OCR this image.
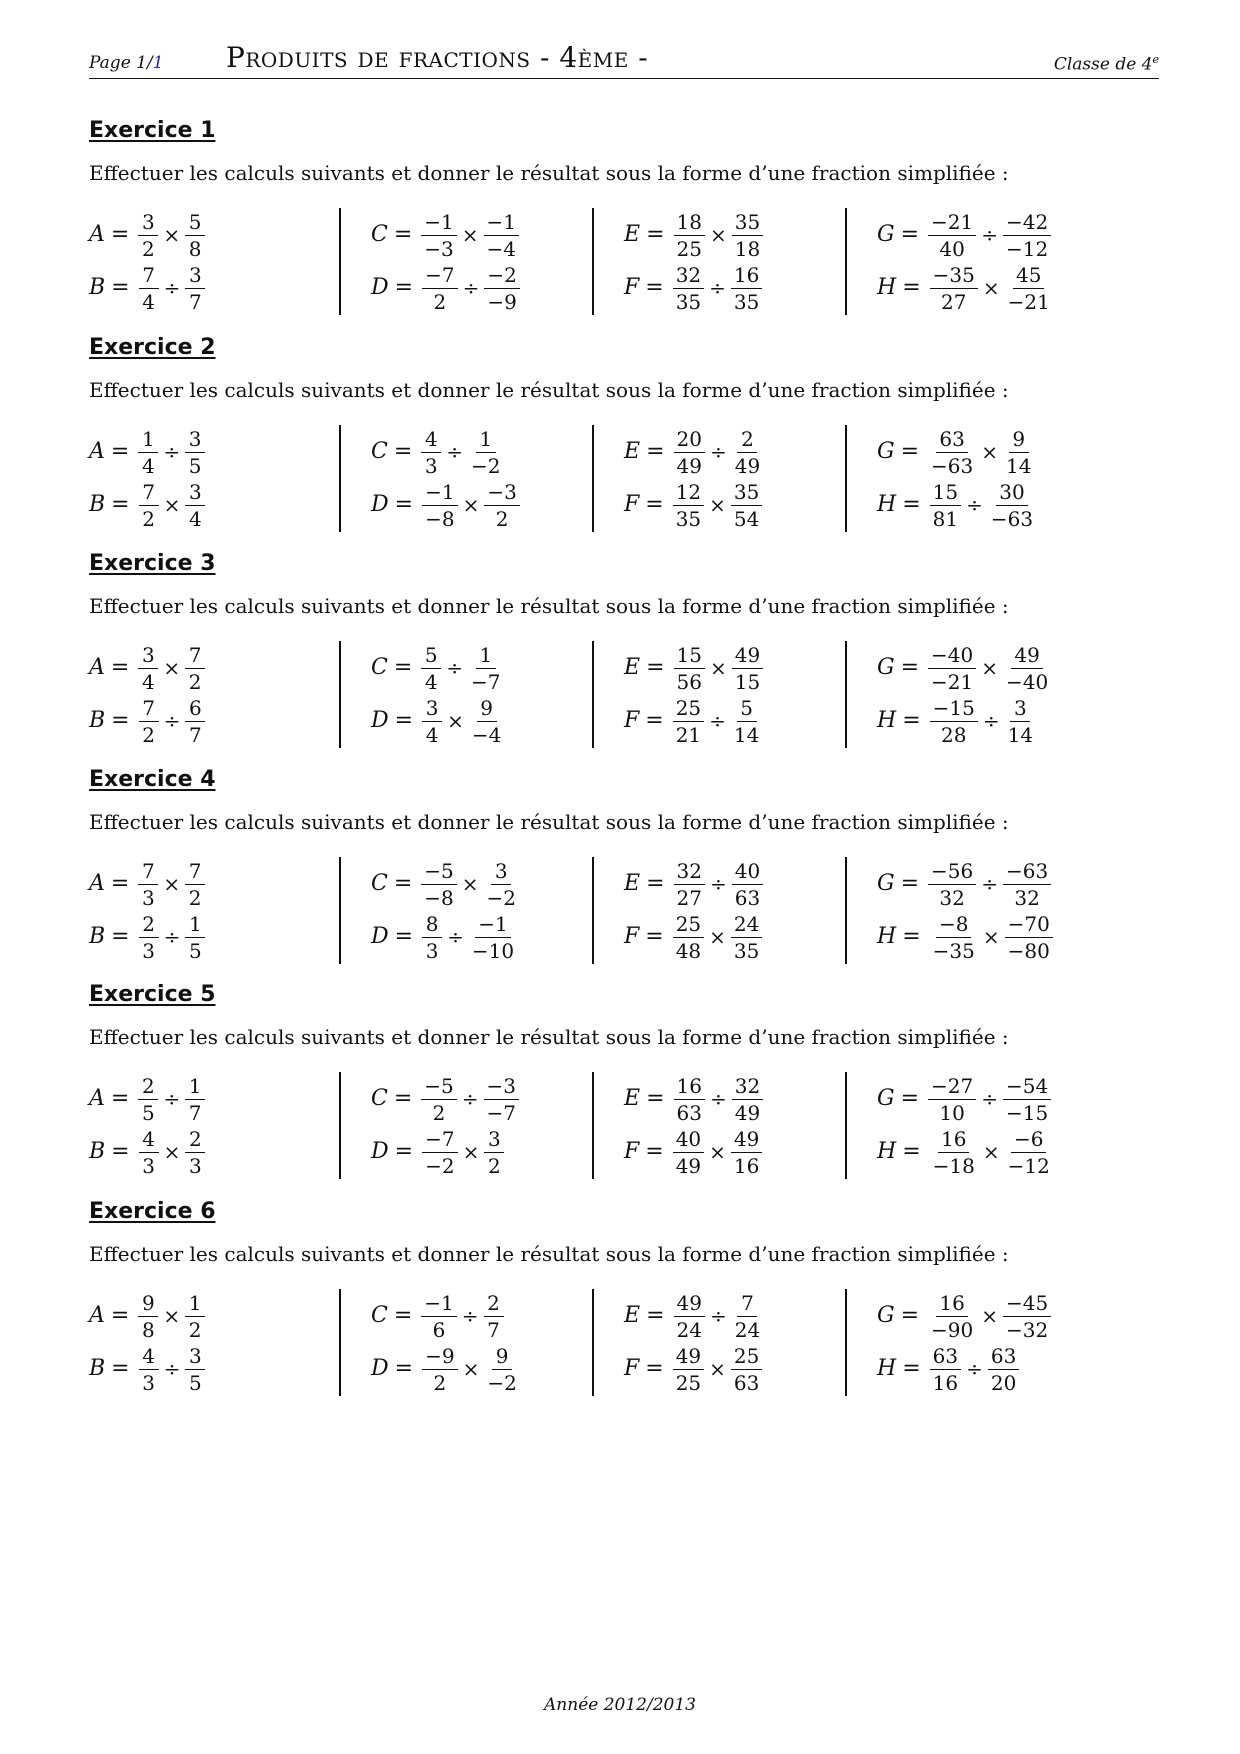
Page 1/1 Produits de fractions - 4ème -	Classe de 4e
Exercice 1
Effectuer les calculs suivants et donner le résultat sous la forme d’une fraction simplifiée :
$A = \frac{3}{2} \times \frac{5}{8}$
$B = \frac{7}{4} \div \frac{3}{7}$
$C = \frac{-1}{-3} \times \frac{-1}{-4}$
$D = \frac{-7}{2} \div \frac{-2}{-9}$
$E = \frac{18}{25} \times \frac{35}{18}$
$F = \frac{32}{35} \div \frac{16}{35}$
$G = \frac{-21}{40} \div \frac{-42}{-12}$
$H = \frac{-35}{27} \times \frac{45}{-21}$
Exercice 2
Effectuer les calculs suivants et donner le résultat sous la forme d’une fraction simplifiée :
$A = \frac{1}{4} \div \frac{3}{5}$
$B = \frac{7}{2} \times \frac{3}{4}$
$C = \frac{4}{3} \div \frac{1}{-2}$
$D = \frac{-1}{-8} \times \frac{-3}{2}$
$E = \frac{20}{49} \div \frac{2}{49}$
$F = \frac{12}{35} \times \frac{35}{54}$
$G = \frac{63}{-63} \times \frac{9}{14}$
$H = \frac{15}{81} \div \frac{30}{-63}$
Exercice 3
Effectuer les calculs suivants et donner le résultat sous la forme d’une fraction simplifiée :
$A = \frac{3}{4} \times \frac{7}{2}$
$B = \frac{7}{2} \div \frac{6}{7}$
$C = \frac{5}{4} \div \frac{1}{-7}$
$D = \frac{3}{4} \times \frac{9}{-4}$
$E = \frac{15}{56} \times \frac{49}{15}$
$F = \frac{25}{21} \div \frac{5}{14}$
$G = \frac{-40}{-21} \times \frac{49}{-40}$
$H = \frac{-15}{28} \div \frac{3}{14}$
Exercice 4
Effectuer les calculs suivants et donner le résultat sous la forme d’une fraction simplifiée :
$A = \frac{7}{3} \times \frac{7}{2}$
$B = \frac{2}{3} \div \frac{1}{5}$
$C = \frac{-5}{-8} \times \frac{3}{-2}$
$D = \frac{8}{3} \div \frac{-1}{-10}$
$E = \frac{32}{27} \div \frac{40}{63}$
$F = \frac{25}{48} \times \frac{24}{35}$
$G = \frac{-56}{32} \div \frac{-63}{32}$
$H = \frac{-8}{-35} \times \frac{-70}{-80}$
Exercice 5
Effectuer les calculs suivants et donner le résultat sous la forme d’une fraction simplifiée :
$A = \frac{2}{5} \div \frac{1}{7}$
$B = \frac{4}{3} \times \frac{2}{3}$
$C = \frac{-5}{2} \div \frac{-3}{-7}$
$D = \frac{-7}{-2} \times \frac{3}{2}$
$E = \frac{16}{63} \div \frac{32}{49}$
$F = \frac{40}{49} \times \frac{49}{16}$
$G = \frac{-27}{10} \div \frac{-54}{-15}$
$H = \frac{16}{-18} \times \frac{-6}{-12}$
Exercice 6
Effectuer les calculs suivants et donner le résultat sous la forme d’une fraction simplifiée :
$A = \frac{9}{8} \times \frac{1}{2}$
$B = \frac{4}{3} \div \frac{3}{5}$
$C = \frac{-1}{6} \div \frac{2}{7}$
$D = \frac{-9}{2} \times \frac{9}{-2}$
$E = \frac{49}{24} \div \frac{7}{24}$
$F = \frac{49}{25} \times \frac{25}{63}$
$G = \frac{16}{-90} \times \frac{-45}{-32}$
$H = \frac{63}{16} \div \frac{63}{20}$
Année 2012/2013
